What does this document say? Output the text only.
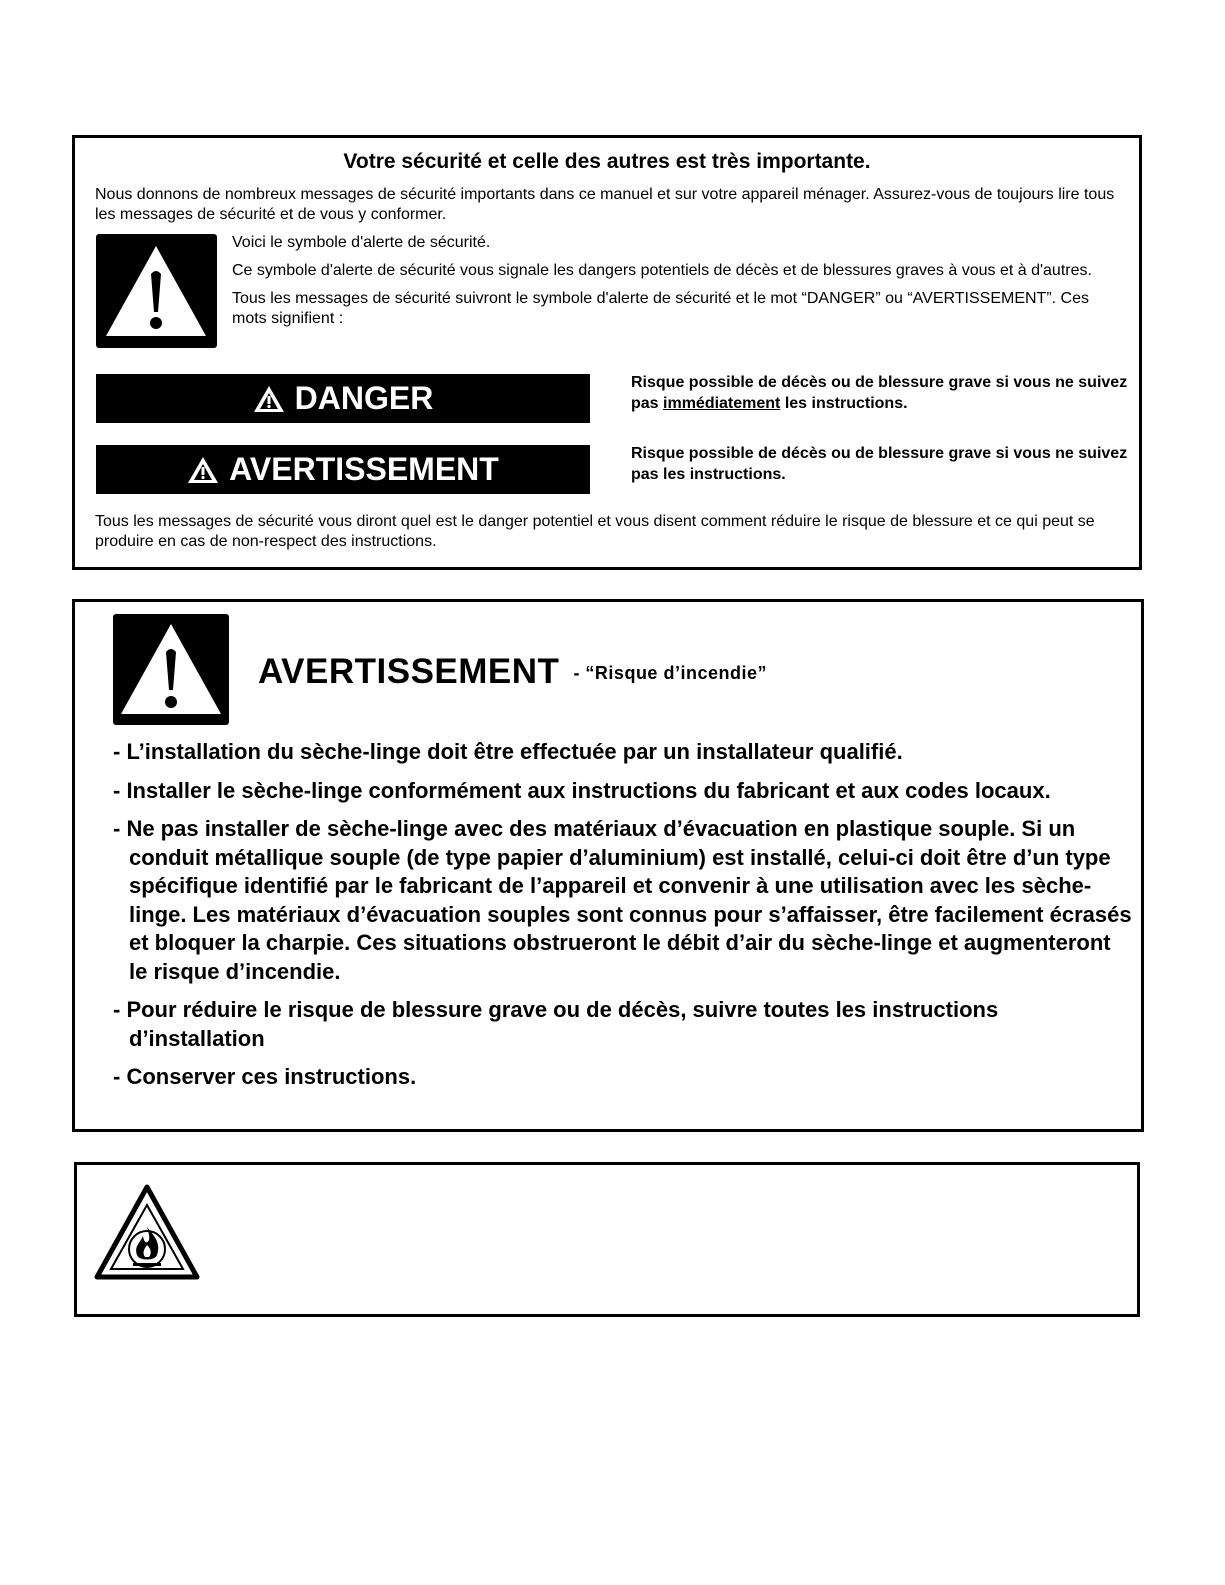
Votre sécurité et celle des autres est très importante.
Nous donnons de nombreux messages de sécurité importants dans ce manuel et sur votre appareil ménager. Assurez-vous de toujours lire tous les messages de sécurité et de vous y conformer.
Voici le symbole d'alerte de sécurité.
Ce symbole d'alerte de sécurité vous signale les dangers potentiels de décès et de blessures graves à vous et à d'autres.
Tous les messages de sécurité suivront le symbole d'alerte de sécurité et le mot “DANGER” ou “AVERTISSEMENT”. Ces mots signifient :
DANGER	Risque possible de décès ou de blessure grave si vous ne suivez pas immédiatement les instructions.
AVERTISSEMENT	Risque possible de décès ou de blessure grave si vous ne suivez pas les instructions.
Tous les messages de sécurité vous diront quel est le danger potentiel et vous disent comment réduire le risque de blessure et ce qui peut se produire en cas de non-respect des instructions.
AVERTISSEMENT $^{- “Risque d’incendie”}$
- L’installation du sèche-linge doit être effectuée par un installateur qualifié.
- Installer le sèche-linge conformément aux instructions du fabricant et aux codes locaux.
- Ne pas installer de sèche-linge avec des matériaux d’évacuation en plastique souple. Si un conduit métallique souple (de type papier d’aluminium) est installé, celui-ci doit être d’un type spécifique identifié par le fabricant de l’appareil et convenir à une utilisation avec les sèche-linge. Les matériaux d’évacuation souples sont connus pour s’affaisser, être facilement écrasés et bloquer la charpie. Ces situations obstrueront le débit d’air du sèche-linge et augmenteront le risque d’incendie.
- Pour réduire le risque de blessure grave ou de décès, suivre toutes les instructions d’installation
- Conserver ces instructions.
